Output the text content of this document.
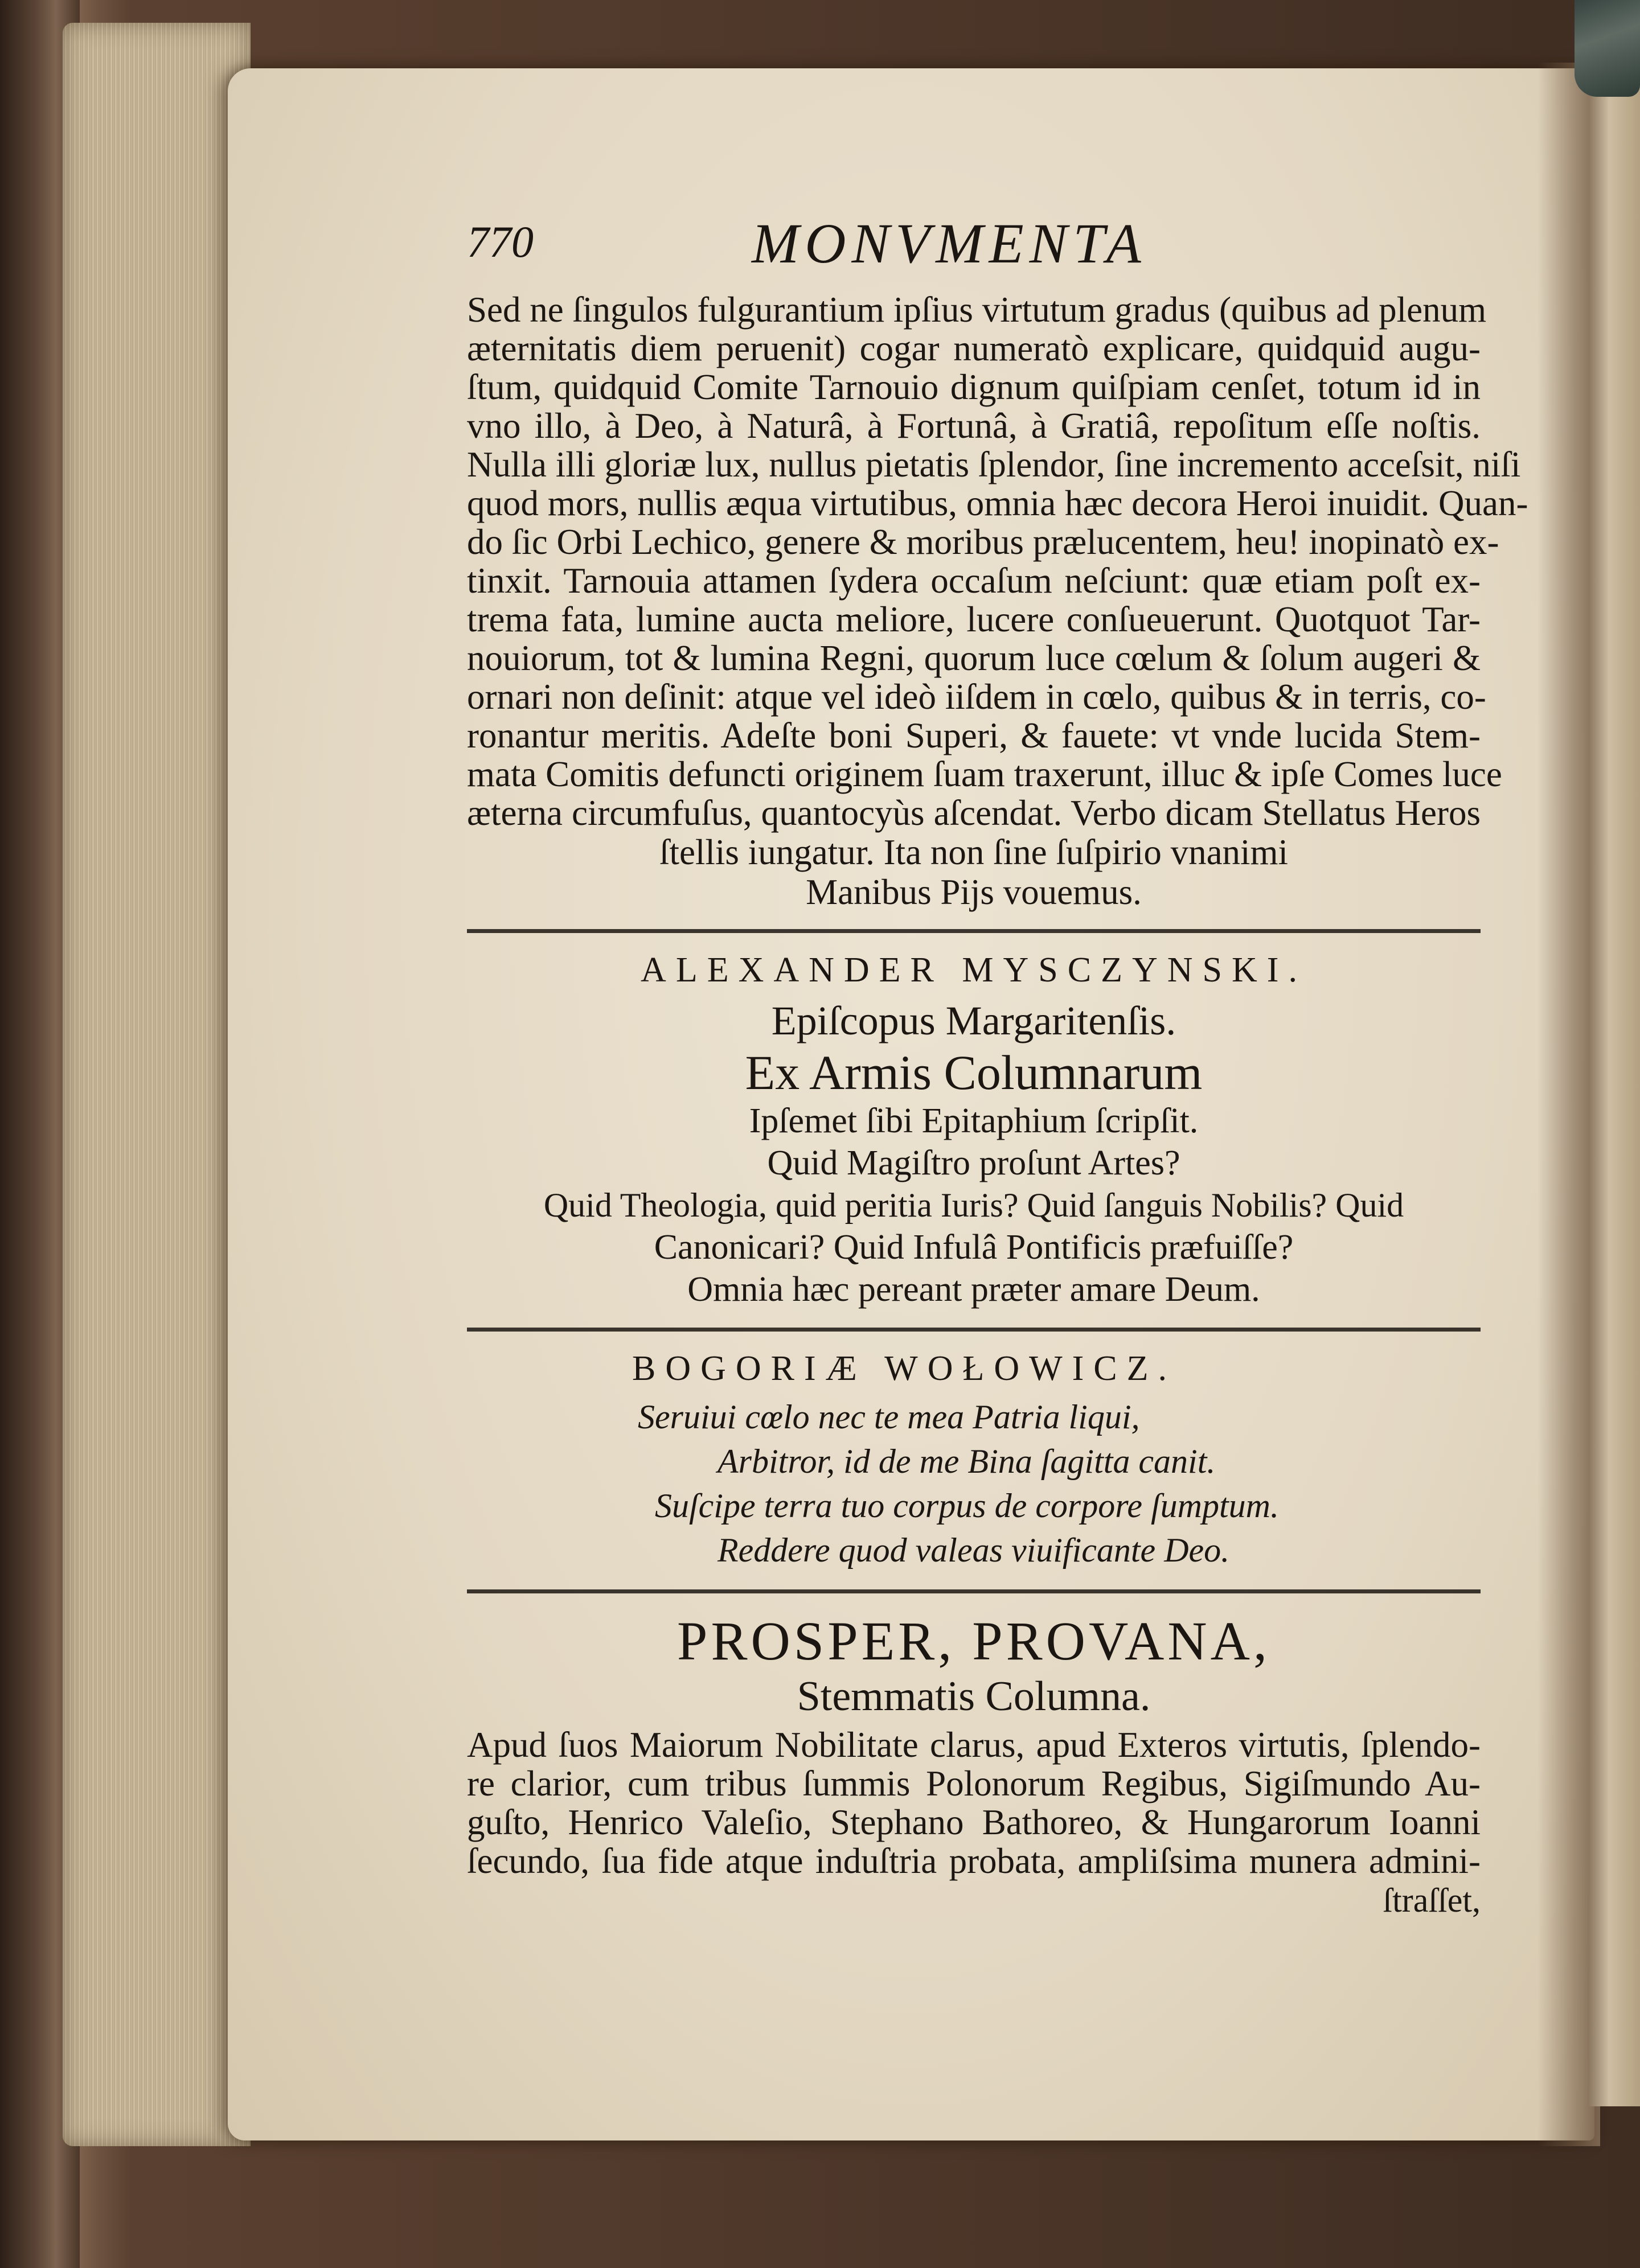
770	MONVMENTA
Sed ne ſingulos fulgurantium ipſius virtutum gradus (quibus ad plenum
æternitatis diem peruenit) cogar numeratò explicare, quidquid augu-
ſtum, quidquid Comite Tarnouio dignum quiſpiam cenſet, totum id in
vno illo, à Deo, à Naturâ, à Fortunâ, à Gratiâ, repoſitum eſſe noſtis.
Nulla illi gloriæ lux, nullus pietatis ſplendor, ſine incremento acceſsit, niſi
quod mors, nullis æqua virtutibus, omnia hæc decora Heroi inuidit. Quan-
do ſic Orbi Lechico, genere & moribus prælucentem, heu! inopinatò ex-
tinxit. Tarnouia attamen ſydera occaſum neſciunt: quæ etiam poſt ex-
trema fata, lumine aucta meliore, lucere conſueuerunt. Quotquot Tar-
nouiorum, tot & lumina Regni, quorum luce cœlum & ſolum augeri &
ornari non deſinit: atque vel ideò iiſdem in cœlo, quibus & in terris, co-
ronantur meritis. Adeſte boni Superi, & fauete: vt vnde lucida Stem-
mata Comitis defuncti originem ſuam traxerunt, illuc & ipſe Comes luce
æterna circumfuſus, quantocyùs aſcendat. Verbo dicam Stellatus Heros
ſtellis iungatur. Ita non ſine ſuſpirio vnanimi
Manibus Pijs vouemus.
ALEXANDER MYSCZYNSKI.
Epiſcopus Margaritenſis.
Ex Armis Columnarum
Ipſemet ſibi Epitaphium ſcripſit.
Quid Magiſtro proſunt Artes?
Quid Theologia, quid peritia Iuris? Quid ſanguis Nobilis? Quid
Canonicari? Quid Infulâ Pontificis præfuiſſe?
Omnia hæc pereant præter amare Deum.
BOGORIÆ WOŁOWICZ.
Seruiui cœlo nec te mea Patria liqui,
Arbitror, id de me Bina ſagitta canit.
Suſcipe terra tuo corpus de corpore ſumptum.
Reddere quod valeas viuificante Deo.
PROSPER, PROVANA,
Stemmatis Columna.
Apud ſuos Maiorum Nobilitate clarus, apud Exteros virtutis, ſplendo-
re clarior, cum tribus ſummis Polonorum Regibus, Sigiſmundo Au-
guſto, Henrico Valeſio, Stephano Bathoreo, & Hungarorum Ioanni
ſecundo, ſua fide atque induſtria probata, ampliſsima munera admini-
ſtraſſet,
